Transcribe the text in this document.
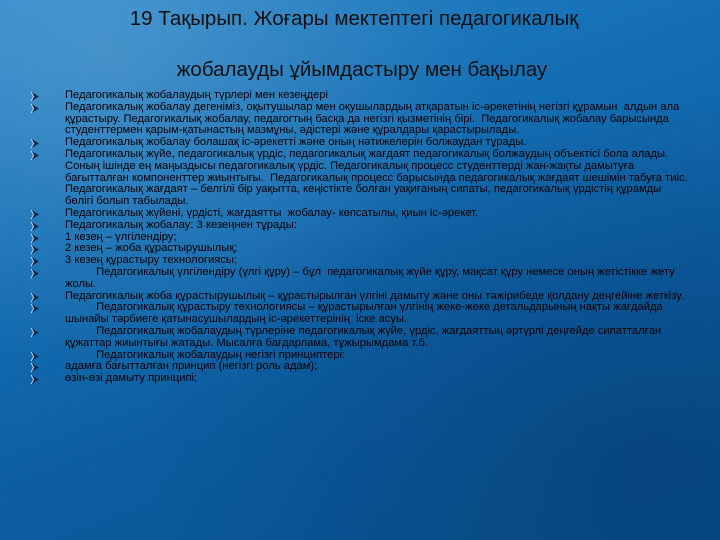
19 Тақырып. Жоғары мектептегі педагогикалық
жобалауды ұйымдастыру мен бақылау
Педагогикалық жобалаудың түрлері мен кезеңдері
Педагогикалық жобалау дегеніміз, оқытушылар мен оқушылардың атқаратын іс-әрекетінің негізгі құрамын  алдын ала құрастыру. Педагогикалық жобалау, педагогтың басқа да негізгі қызметінің бірі.  Педагогикалық жобалау барысында студенттермен қарым-қатынастың мазмұны, әдістері және құралдары қарастырылады.
Педагогикалық жобалау болашақ іс-әрекетті және оның нәтижелерін болжаудан тұрады.
Педагогикалық жүйе, педагогикалық үрдіс, педагогикалық жағдаят педагогикалық болжаудың объектісі бола алады. Соның ішінде ең маңыздысы педагогикалық үрдіс. Педагогикалық процесс студенттерді жан-жақты дамытуға бағытталған компоненттер жиынтығы.  Педагогикалық процесс барысында педагогикалық жағдаят шешімін табуға тиіс. Педагогикалық жағдаят – белгілі бір уақытта, кеңістікте болған уақиғаның сипаты, педагогикалық үрдістің құрамды бөлігі болып табылады.
Педагогикалық жүйені, үрдісті, жағдаятты  жобалау- көпсатылы, қиын іс-әрекет.
Педагогикалық жобалау: 3 кезеңнен тұрады:
1 кезең – үлгілендіру;
2 кезең – жоба құрастырушылық;
3 кезең құрастыру технологиясы;
Педагогикалық үлгілендіру (үлгі құру) – бұл  педагогикалық жүйе құру, мақсат құру немесе оның жетістікке жету жолы.
Педагогикалық жоба құрастырушылық – құрастырылған үлгіні дамыту және оны тәжірибеде қолдану деңгейіне жеткізу.
Педагогикалық құрастыру технологиясы – құрастырылған үлгінің жеке-жеке детальдарының нақты жағдайда шынайы тәрбиеге қатынасушылардың іс-әрекеттерінің  іске асуы.
Педагогикалық жобалаудың түрлеріне педагогикалық жүйе, үрдіс, жағдаяттың әртүрлі деңгейде сипатталған құжаттар жиынтығы жатады. Мысалға бағдарлама, тұжырымдама т.б.
Педагогикалық жобалаудың негізгі принциптері:
адамға бағытталған принцип (негізгі роль адам);
өзін-өзі дамыту принципі;
